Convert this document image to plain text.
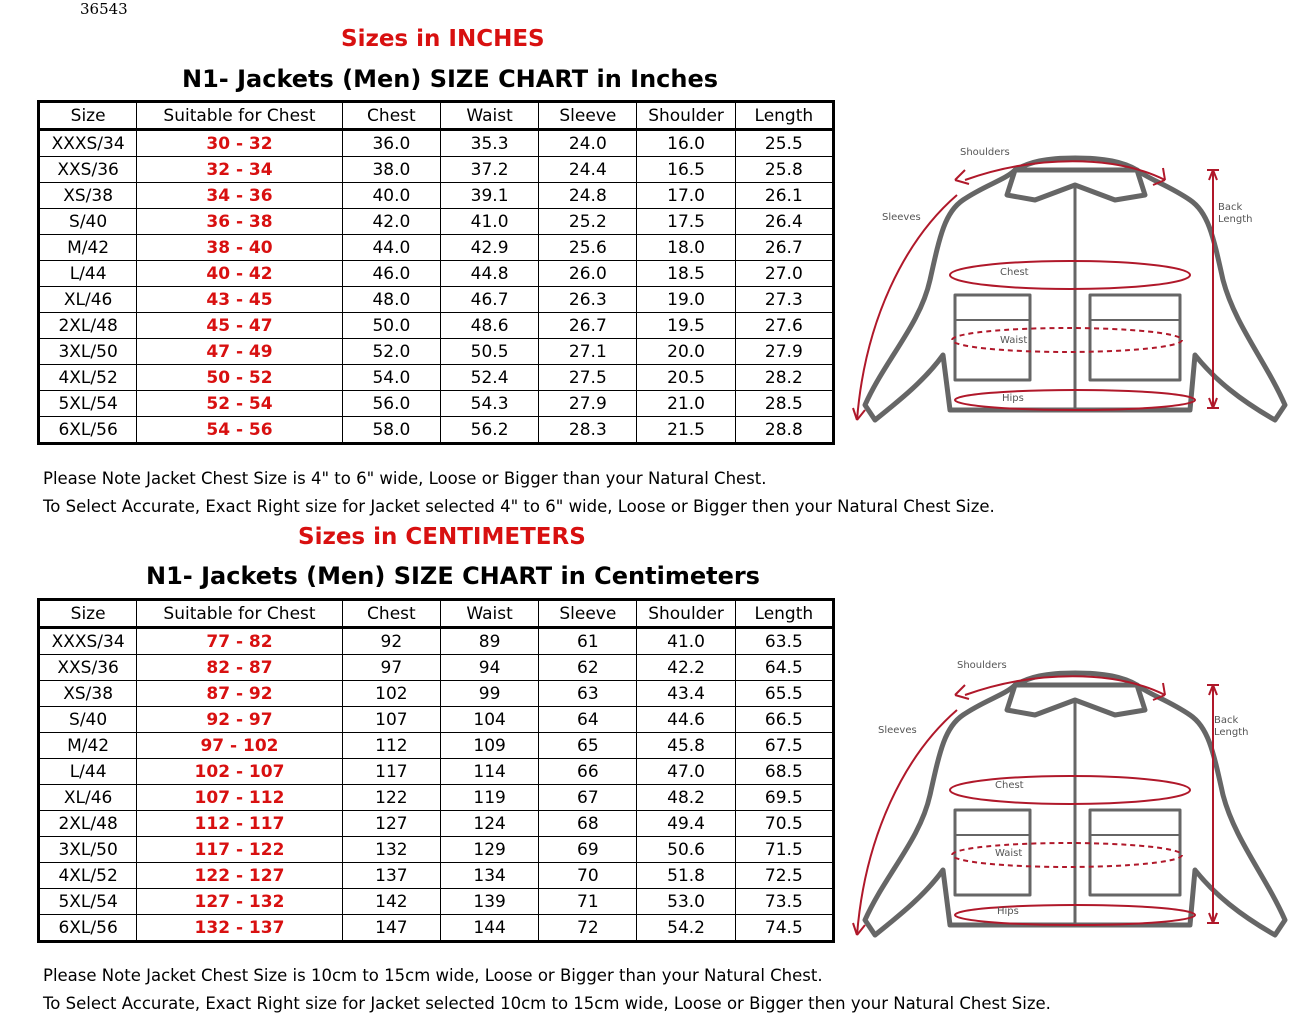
36543
Sizes in INCHES
N1- Jackets (Men) SIZE CHART in Inches
Size	Suitable for Chest	Chest	Waist	Sleeve	Shoulder	Length
XXXS/34	30 - 32	36.0	35.3	24.0	16.0	25.5
XXS/36	32 - 34	38.0	37.2	24.4	16.5	25.8
XS/38	34 - 36	40.0	39.1	24.8	17.0	26.1
S/40	36 - 38	42.0	41.0	25.2	17.5	26.4
M/42	38 - 40	44.0	42.9	25.6	18.0	26.7
L/44	40 - 42	46.0	44.8	26.0	18.5	27.0
XL/46	43 - 45	48.0	46.7	26.3	19.0	27.3
2XL/48	45 - 47	50.0	48.6	26.7	19.5	27.6
3XL/50	47 - 49	52.0	50.5	27.1	20.0	27.9
4XL/52	50 - 52	54.0	52.4	27.5	20.5	28.2
5XL/54	52 - 54	56.0	54.3	27.9	21.0	28.5
6XL/56	54 - 56	58.0	56.2	28.3	21.5	28.8
Please Note Jacket Chest Size is 4" to 6" wide, Loose or Bigger than your Natural Chest.
To Select Accurate, Exact Right size for Jacket selected 4" to 6" wide, Loose or Bigger then your Natural Chest Size.
Sizes in CENTIMETERS
N1- Jackets (Men) SIZE CHART in Centimeters
Size	Suitable for Chest	Chest	Waist	Sleeve	Shoulder	Length
XXXS/34	77 - 82	92	89	61	41.0	63.5
XXS/36	82 - 87	97	94	62	42.2	64.5
XS/38	87 - 92	102	99	63	43.4	65.5
S/40	92 - 97	107	104	64	44.6	66.5
M/42	97 - 102	112	109	65	45.8	67.5
L/44	102 - 107	117	114	66	47.0	68.5
XL/46	107 - 112	122	119	67	48.2	69.5
2XL/48	112 - 117	127	124	68	49.4	70.5
3XL/50	117 - 122	132	129	69	50.6	71.5
4XL/52	122 - 127	137	134	70	51.8	72.5
5XL/54	127 - 132	142	139	71	53.0	73.5
6XL/56	132 - 137	147	144	72	54.2	74.5
Please Note Jacket Chest Size is 10cm to 15cm wide, Loose or Bigger than your Natural Chest.
To Select Accurate, Exact Right size for Jacket selected 10cm to 15cm wide, Loose or Bigger then your Natural Chest Size.
Shoulders
Sleeves
Back
Length
Chest
Waist
Hips
Shoulders
Sleeves
Back
Length
Chest
Waist
Hips
